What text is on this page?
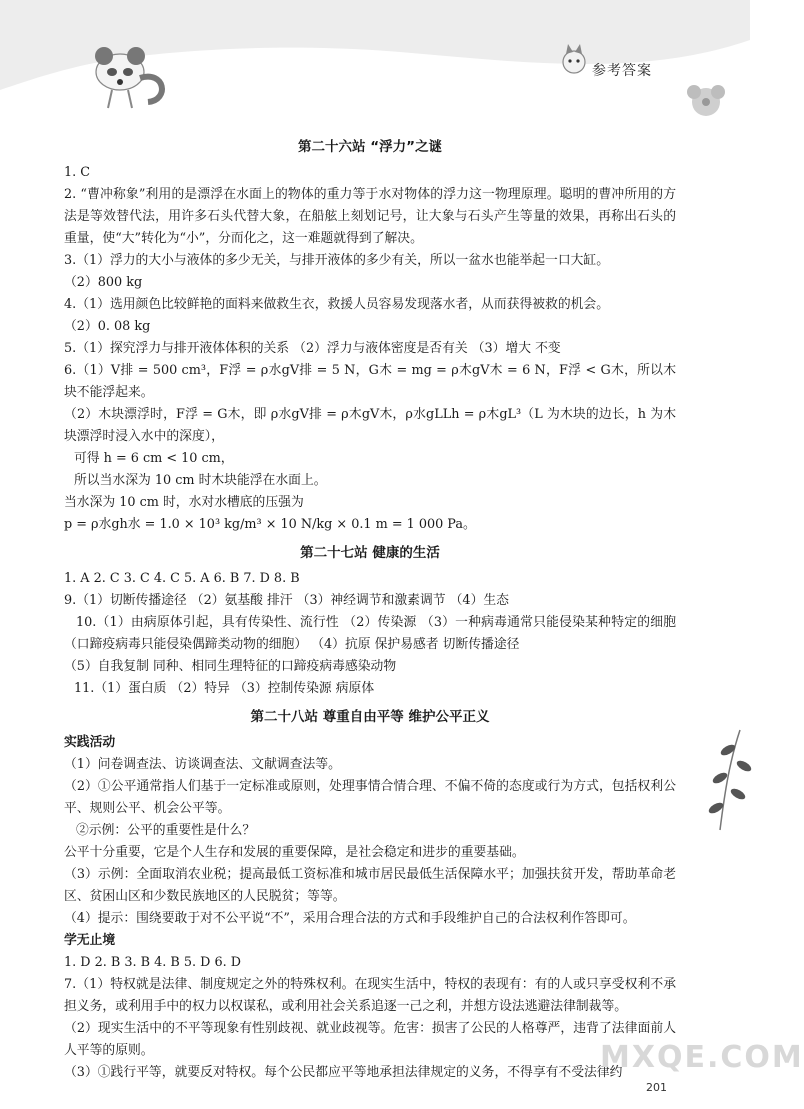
参考答案
第二十六站 “浮力”之谜

1. C

2. “曹冲称象”利用的是漂浮在水面上的物体的重力等于水对物体的浮力这一物理原理。聪明的曹冲所用的方法是等效替代法，用许多石头代替大象，在船舷上刻划记号，让大象与石头产生等量的效果，再称出石头的重量，使“大”转化为“小”，分而化之，这一难题就得到了解决。

3.（1）浮力的大小与液体的多少无关，与排开液体的多少有关，所以一盆水也能举起一口大缸。

（2）800 kg

4.（1）选用颜色比较鲜艳的面料来做救生衣，救援人员容易发现落水者，从而获得被救的机会。

（2）0. 08 kg

5.（1）探究浮力与排开液体体积的关系 （2）浮力与液体密度是否有关 （3）增大 不变

6.（1）V排 = 500 cm³，F浮 = ρ水gV排 = 5 N，G木 = mg = ρ木gV木 = 6 N，F浮 < G木，所以木块不能浮起来。

（2）木块漂浮时，F浮 = G木，即 ρ水gV排 = ρ木gV木，ρ水gLLh = ρ木gL³（L 为木块的边长，h 为木块漂浮时浸入水中的深度），

可得 h = 6 cm < 10 cm，

所以当水深为 10 cm 时木块能浮在水面上。

当水深为 10 cm 时，水对水槽底的压强为

p = ρ水gh水 = 1.0 × 10³ kg/m³ × 10 N/kg × 0.1 m = 1 000 Pa。

第二十七站 健康的生活

1. A 2. C 3. C 4. C 5. A 6. B 7. D 8. B

9.（1）切断传播途径 （2）氨基酸 排汗 （3）神经调节和激素调节 （4）生态

10.（1）由病原体引起，具有传染性、流行性 （2）传染源 （3）一种病毒通常只能侵染某种特定的细胞（口蹄疫病毒只能侵染偶蹄类动物的细胞） （4）抗原 保护易感者 切断传播途径

（5）自我复制 同种、相同生理特征的口蹄疫病毒感染动物

11.（1）蛋白质 （2）特异 （3）控制传染源 病原体

第二十八站 尊重自由平等 维护公平正义
实践活动

（1）问卷调查法、访谈调查法、文献调查法等。

（2）①公平通常指人们基于一定标准或原则，处理事情合情合理、不偏不倚的态度或行为方式，包括权利公平、规则公平、机会公平等。

②示例：公平的重要性是什么？

公平十分重要，它是个人生存和发展的重要保障，是社会稳定和进步的重要基础。

（3）示例：全面取消农业税；提高最低工资标准和城市居民最低生活保障水平；加强扶贫开发，帮助革命老区、贫困山区和少数民族地区的人民脱贫；等等。

（4）提示：围绕要敢于对不公平说“不”，采用合理合法的方式和手段维护自己的合法权利作答即可。

学无止境

1. D 2. B 3. B 4. B 5. D 6. D

7.（1）特权就是法律、制度规定之外的特殊权利。在现实生活中，特权的表现有：有的人或只享受权利不承担义务，或利用手中的权力以权谋私，或利用社会关系追逐一己之利，并想方设法逃避法律制裁等。

（2）现实生活中的不平等现象有性别歧视、就业歧视等。危害：损害了公民的人格尊严，违背了法律面前人人平等的原则。

（3）①践行平等，就要反对特权。每个公民都应平等地承担法律规定的义务，不得享有不受法律约

MXQE.COM
201
